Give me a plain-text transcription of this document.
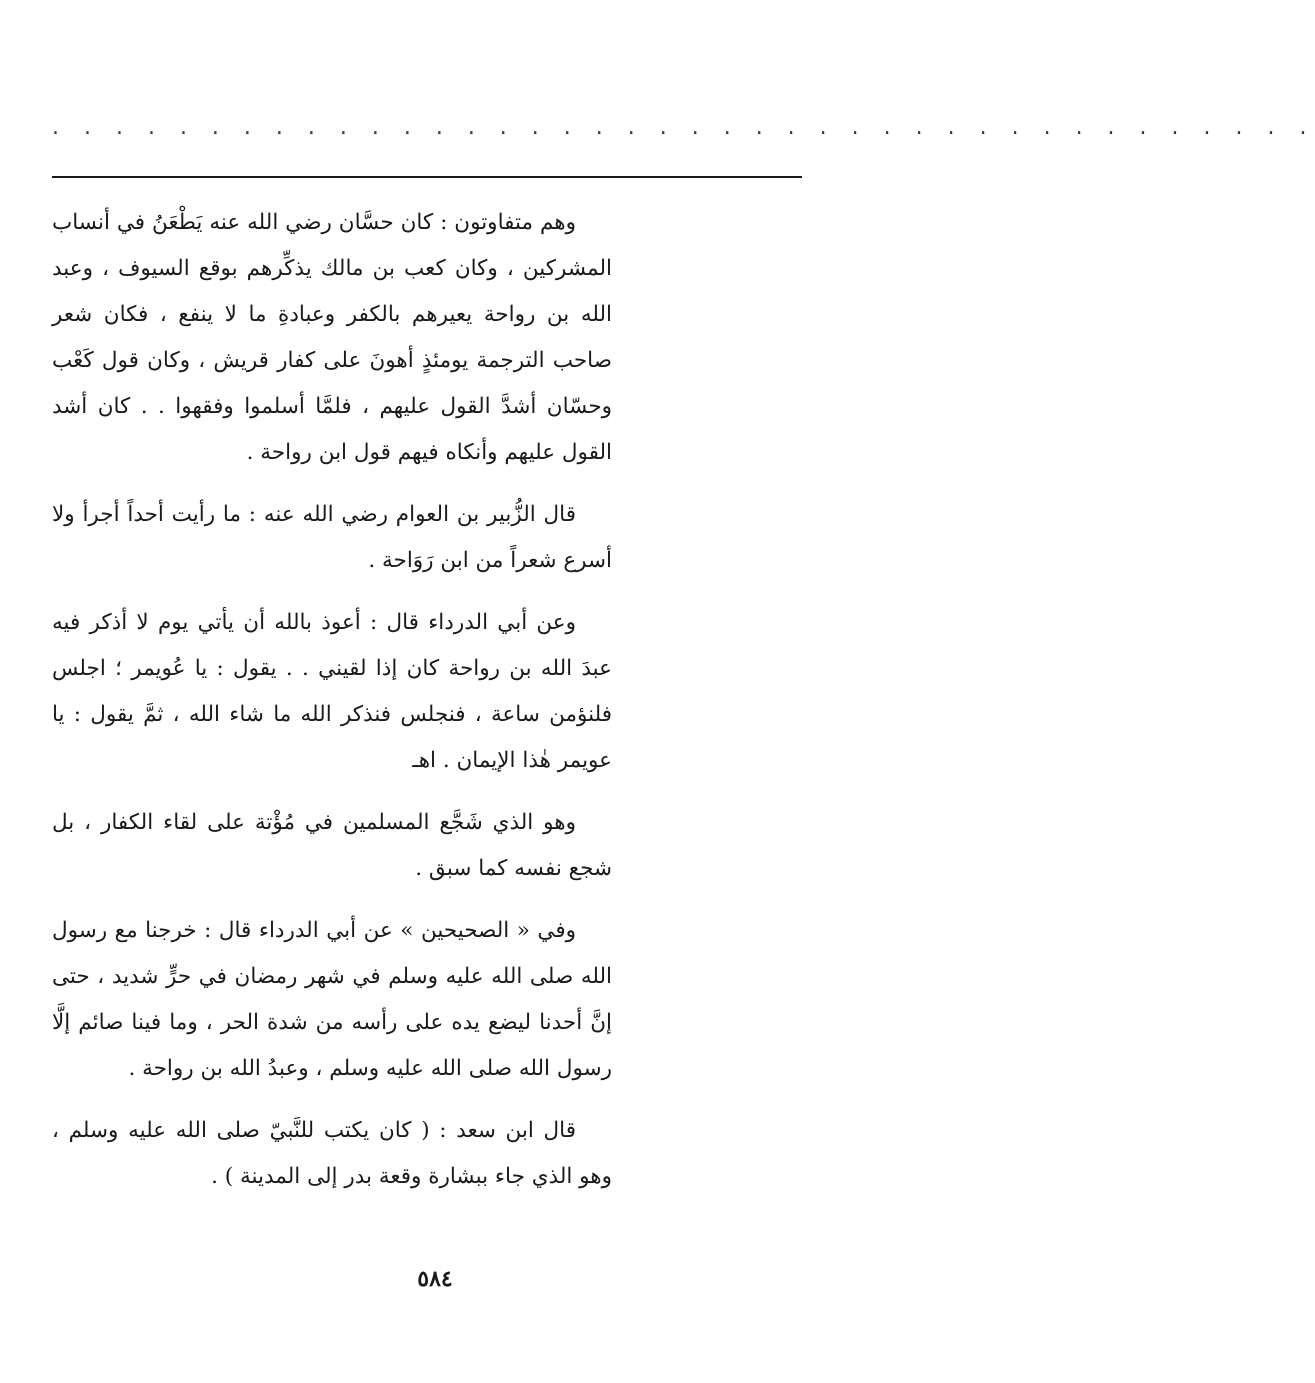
. . . . . . . . . . . . . . . . . . . . . . . . . . . . . . . . . . . . . . . .

وهم متفاوتون : كان حسَّان رضي الله عنه يَطْعَنُ في أنساب المشركين ، وكان كعب بن مالك يذكِّرهم بوقع السيوف ، وعبد الله بن رواحة يعيرهم بالكفر وعبادةِ ما لا ينفع ، فكان شعر صاحب الترجمة يومئذٍ أهونَ على كفار قريش ، وكان قول كَعْب وحسّان أشدَّ القول عليهم ، فلمَّا أسلموا وفقهوا . . كان أشد القول عليهم وأنكاه فيهم قول ابن رواحة .

قال الزُّبير بن العوام رضي الله عنه : ما رأيت أحداً أجرأ ولا أسرع شعراً من ابن رَوَاحة .

وعن أبي الدرداء قال : أعوذ بالله أن يأتي يوم لا أذكر فيه عبدَ الله بن رواحة كان إذا لقيني . . يقول : يا عُويمر ؛ اجلس فلنؤمن ساعة ، فنجلس فنذكر الله ما شاء الله ، ثمَّ يقول : يا عويمر هٰذا الإيمان . اهـ

وهو الذي شَجَّع المسلمين في مُؤْتة على لقاء الكفار ، بل شجع نفسه كما سبق .

وفي « الصحيحين » عن أبي الدرداء قال : خرجنا مع رسول الله صلى الله عليه وسلم في شهر رمضان في حرٍّ شديد ، حتى إنَّ أحدنا ليضع يده على رأسه من شدة الحر ، وما فينا صائم إلَّا رسول الله صلى الله عليه وسلم ، وعبدُ الله بن رواحة .

قال ابن سعد : ( كان يكتب للنَّبيّ صلى الله عليه وسلم ، وهو الذي جاء ببشارة وقعة بدر إلى المدينة ) .

٥٨٤
